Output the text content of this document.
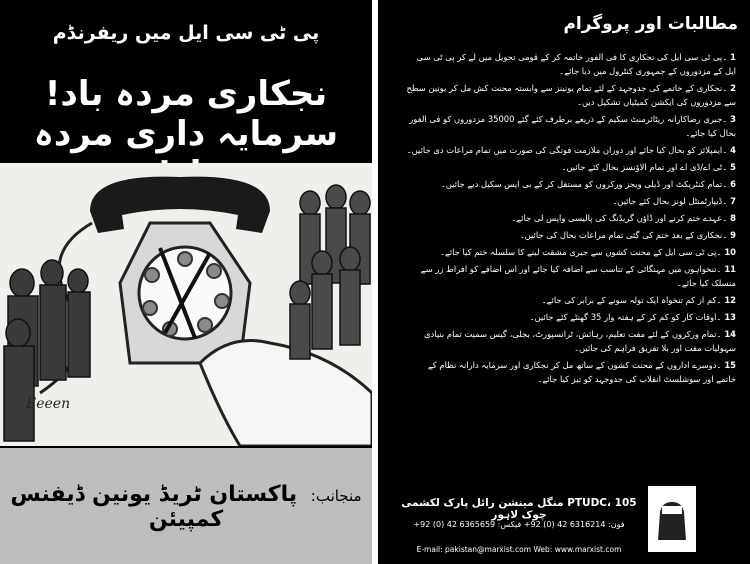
پی ٹی سی ایل میں ریفرنڈم
نجکاری مردہ باد!
سرمایہ داری مردہ
Eeeen
منجانب: پاکستان ٹریڈ یونین ڈیفنس کمپیئن
مطالبات اور پروگرام
1۔پی ٹی سی ایل کی نجکاری کا فی الفور خاتمہ کر کے قومی تحویل میں لے کر پی ٹی سی ایل کے مزدوروں کے جمہوری کنٹرول میں دیا جائے۔
2۔نجکاری کے خاتمے کی جدوجہد کے لئے تمام یونینز سے وابستہ محنت کش مل کر یونین سطح سے مزدوروں کی ایکشن کمیٹیاں تشکیل دیں۔
3۔جبری رضاکارانہ ریٹائرمنٹ سکیم کے ذریعے برطرف کئے گئے 35000 مزدوروں کو فی الفور بحال کیا جائے۔
4۔ایمپلائز کو بحال کیا جائے اور دوران ملازمت فوتگی کی صورت میں تمام مراعات دی جائیں۔
5۔ٹی اے/ڈی اے اور تمام الاؤنسز بحال کئے جائیں۔
6۔تمام کنٹریکٹ اور ڈیلی ویجز ورکروں کو مستقل کر کے بی ایس سکیل دیے جائیں۔
7۔ڈیپارٹمنٹل لونز بحال کئے جائیں۔
8۔عہدے ختم کرنے اور ڈاؤن گریڈنگ کی پالیسی واپس لی جائے۔
9۔نجکاری کے بعد ختم کی گئی تمام مراعات بحال کی جائیں۔
10۔پی ٹی سی ایل کے محنت کشوں سے جبری مشقت لینے کا سلسلہ ختم کیا جائے۔
11۔تنخواہوں میں مہنگائی کے تناسب سے اضافہ کیا جائے اور اس اضافے کو افراط زر سے منسلک کیا جائے۔
12۔کم از کم تنخواہ ایک تولہ سونے کے برابر کی جائے۔
13۔اوقات کار کو کم کر کے ہفتہ وار 35 گھنٹے کئے جائیں۔
14۔تمام ورکروں کے لئے مفت تعلیم، رہائش، ٹرانسپورٹ، بجلی، گیس سمیت تمام بنیادی سہولیات مفت اور بلا تفریق فراہم کی جائیں۔
15۔دوسرے اداروں کے محنت کشوں کے ساتھ مل کر نجکاری اور سرمایہ دارانہ نظام کے خاتمے اور سوشلسٹ انقلاب کی جدوجہد کو تیز کیا جائے۔
PTUDC، 105 منگل مینشن رائل پارک لکشمی چوک لاہور
فون: 6316214 42 (0) 92+ فیکس: 6365659 42 (0) 92+
E-mail: pakistan@marxist.com Web: www.marxist.com
